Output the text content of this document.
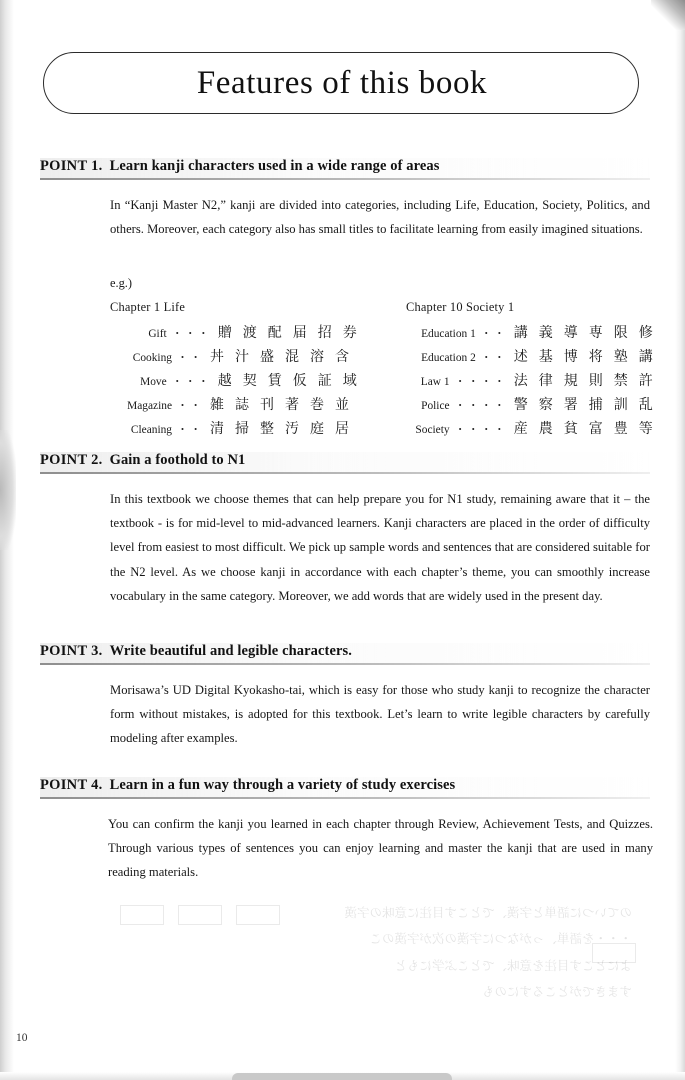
Features of this book
POINT 1. Learn kanji characters used in a wide range of areas
In “Kanji Master N2,” kanji are divided into categories, including Life, Education, Society, Politics, and others. Moreover, each category also has small titles to facilitate learning from easily imagined situations.
e.g.)
Chapter 1 Life
Gift ・・・ 贈 渡 配 届 招 券
Cooking ・・ 丼 汁 盛 混 溶 含
Move ・・・ 越 契 賃 仮 証 域
Magazine ・・ 雑 誌 刊 著 巻 並
Cleaning ・・ 清 掃 整 汚 庭 居
Chapter 10 Society 1
Education 1 ・・ 講 義 導 専 限 修
Education 2 ・・ 述 基 博 将 塾 講
Law 1 ・・・・ 法 律 規 則 禁 許
Police ・・・・ 警 察 署 捕 訓 乱
Society ・・・・ 産 農 貧 富 豊 等
POINT 2. Gain a foothold to N1
In this textbook we choose themes that can help prepare you for N1 study, remaining aware that it – the textbook - is for mid-level to mid-advanced learners. Kanji characters are placed in the order of difficulty level from easiest to most difficult. We pick up sample words and sentences that are considered suitable for the N2 level. As we choose kanji in accordance with each chapter’s theme, you can smoothly increase vocabulary in the same category. Moreover, we add words that are widely used in the present day.
POINT 3. Write beautiful and legible characters.
Morisawa’s UD Digital Kyokasho-tai, which is easy for those who study kanji to recognize the character form without mistakes, is adopted for this textbook. Let’s learn to write legible characters by carefully modeling after examples.
POINT 4. Learn in a fun way through a variety of study exercises
You can confirm the kanji you learned in each chapter through Review, Achievement Tests, and Quizzes. Through various types of sentences you can enjoy learning and master the kanji that are used in many reading materials.
のていつに語単と字漢、でとこす目注に意味の字漢
・・・を語単、っがなつに字漢の次が字漢のこ
よにとこす目注を意味、でとこぶ学にもと
すまきでがとこるすにのも
10
